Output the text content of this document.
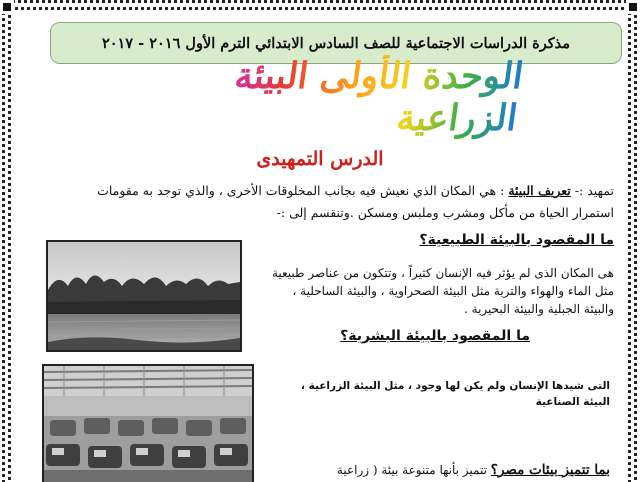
مذكرة الدراسات الاجتماعية للصف السادس الابتدائي الترم الأول ٢٠١٦ - ٢٠١٧
الوحدة الأولى البيئة الزراعية
الدرس التمهيدى
تمهيد :- تعريف البيئة : هي المكان الذي نعيش فيه بجانب المخلوقات الأخرى ، والذي توجد به مقومات
استمرار الحياة من مأكل ومشرب وملبس ومسكن .وتنقسم إلى :-
ما المقصود بالبيئة الطبيعية؟
هى المكان الذى لم يؤثر فيه الإنسان كثيراً ، وتتكون من عناصر طبيعية مثل الماء والهواء والتربة مثل البيئة الصحراوية ، والبيئة الساحلية ، والبيئة الجبلية والبيئة البحيرية .
ما المقصود بالبيئة البشرية؟
التى شيدها الإنسان ولم يكن لها وجود ، مثل البيئة الزراعية ، البيئة الصناعية
بما تتميز بيئات مصر؟ تتميز بأنها متنوعة بيئة ( زراعية
